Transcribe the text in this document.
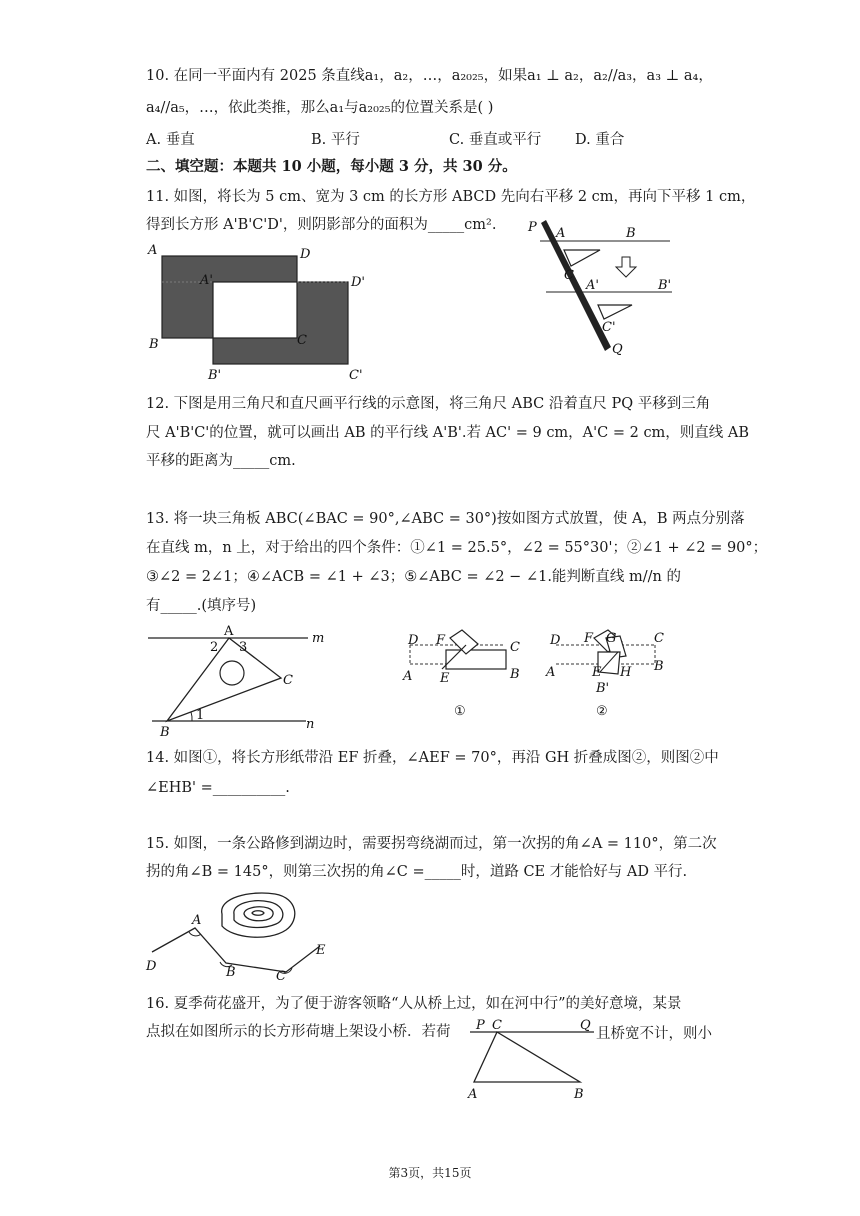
10. 在同一平面内有 2025 条直线a₁，a₂，…，a₂₀₂₅，如果a₁ ⊥ a₂，a₂//a₃，a₃ ⊥ a₄，
a₄//a₅，…，依此类推，那么a₁与a₂₀₂₅的位置关系是( )
A. 垂直	B. 平行	C. 垂直或平行 D. 重合
二、填空题：本题共 10 小题，每小题 3 分，共 30 分。
11. 如图，将长为 5 cm、宽为 3 cm 的长方形 ABCD 先向右平移 2 cm，再向下平移 1 cm，
得到长方形 A'B'C'D'，则阴影部分的面积为_____cm².
A	D
A'	D'
B	C
B'	C'
P A	B
C
A'	B'
C'
Q
12. 下图是用三角尺和直尺画平行线的示意图，将三角尺 ABC 沿着直尺 PQ 平移到三角
尺 A'B'C'的位置，就可以画出 AB 的平行线 A'B'.若 AC' = 9 cm，A'C = 2 cm，则直线 AB
平移的距离为_____cm.
13. 将一块三角板 ABC(∠BAC = 90°,∠ABC = 30°)按如图方式放置，使 A，B 两点分别落
在直线 m，n 上，对于给出的四个条件：①∠1 = 25.5°，∠2 = 55°30'；②∠1 + ∠2 = 90°；
③∠2 = 2∠1；④∠ACB = ∠1 + ∠3；⑤∠ABC = ∠2 − ∠1.能判断直线 m//n 的
有_____.(填序号)
A	m
2 3
C
1
B
n
D F	C
A E	B
①
D F G	C
A	E H B
B'
②
14. 如图①，将长方形纸带沿 EF 折叠，∠AEF = 70°，再沿 GH 折叠成图②，则图②中
∠EHB' =__________.
15. 如图，一条公路修到湖边时，需要拐弯绕湖而过，第一次拐的角∠A = 110°，第二次
拐的角∠B = 145°，则第三次拐的角∠C =_____时，道路 CE 才能恰好与 AD 平行.
A
D	B	C
E
16. 夏季荷花盛开，为了便于游客领略“人从桥上过，如在河中行”的美好意境，某景
点拟在如图所示的长方形荷塘上架设小桥．若荷	且桥宽不计，则小
P C	Q
A	B
第3页，共15页
